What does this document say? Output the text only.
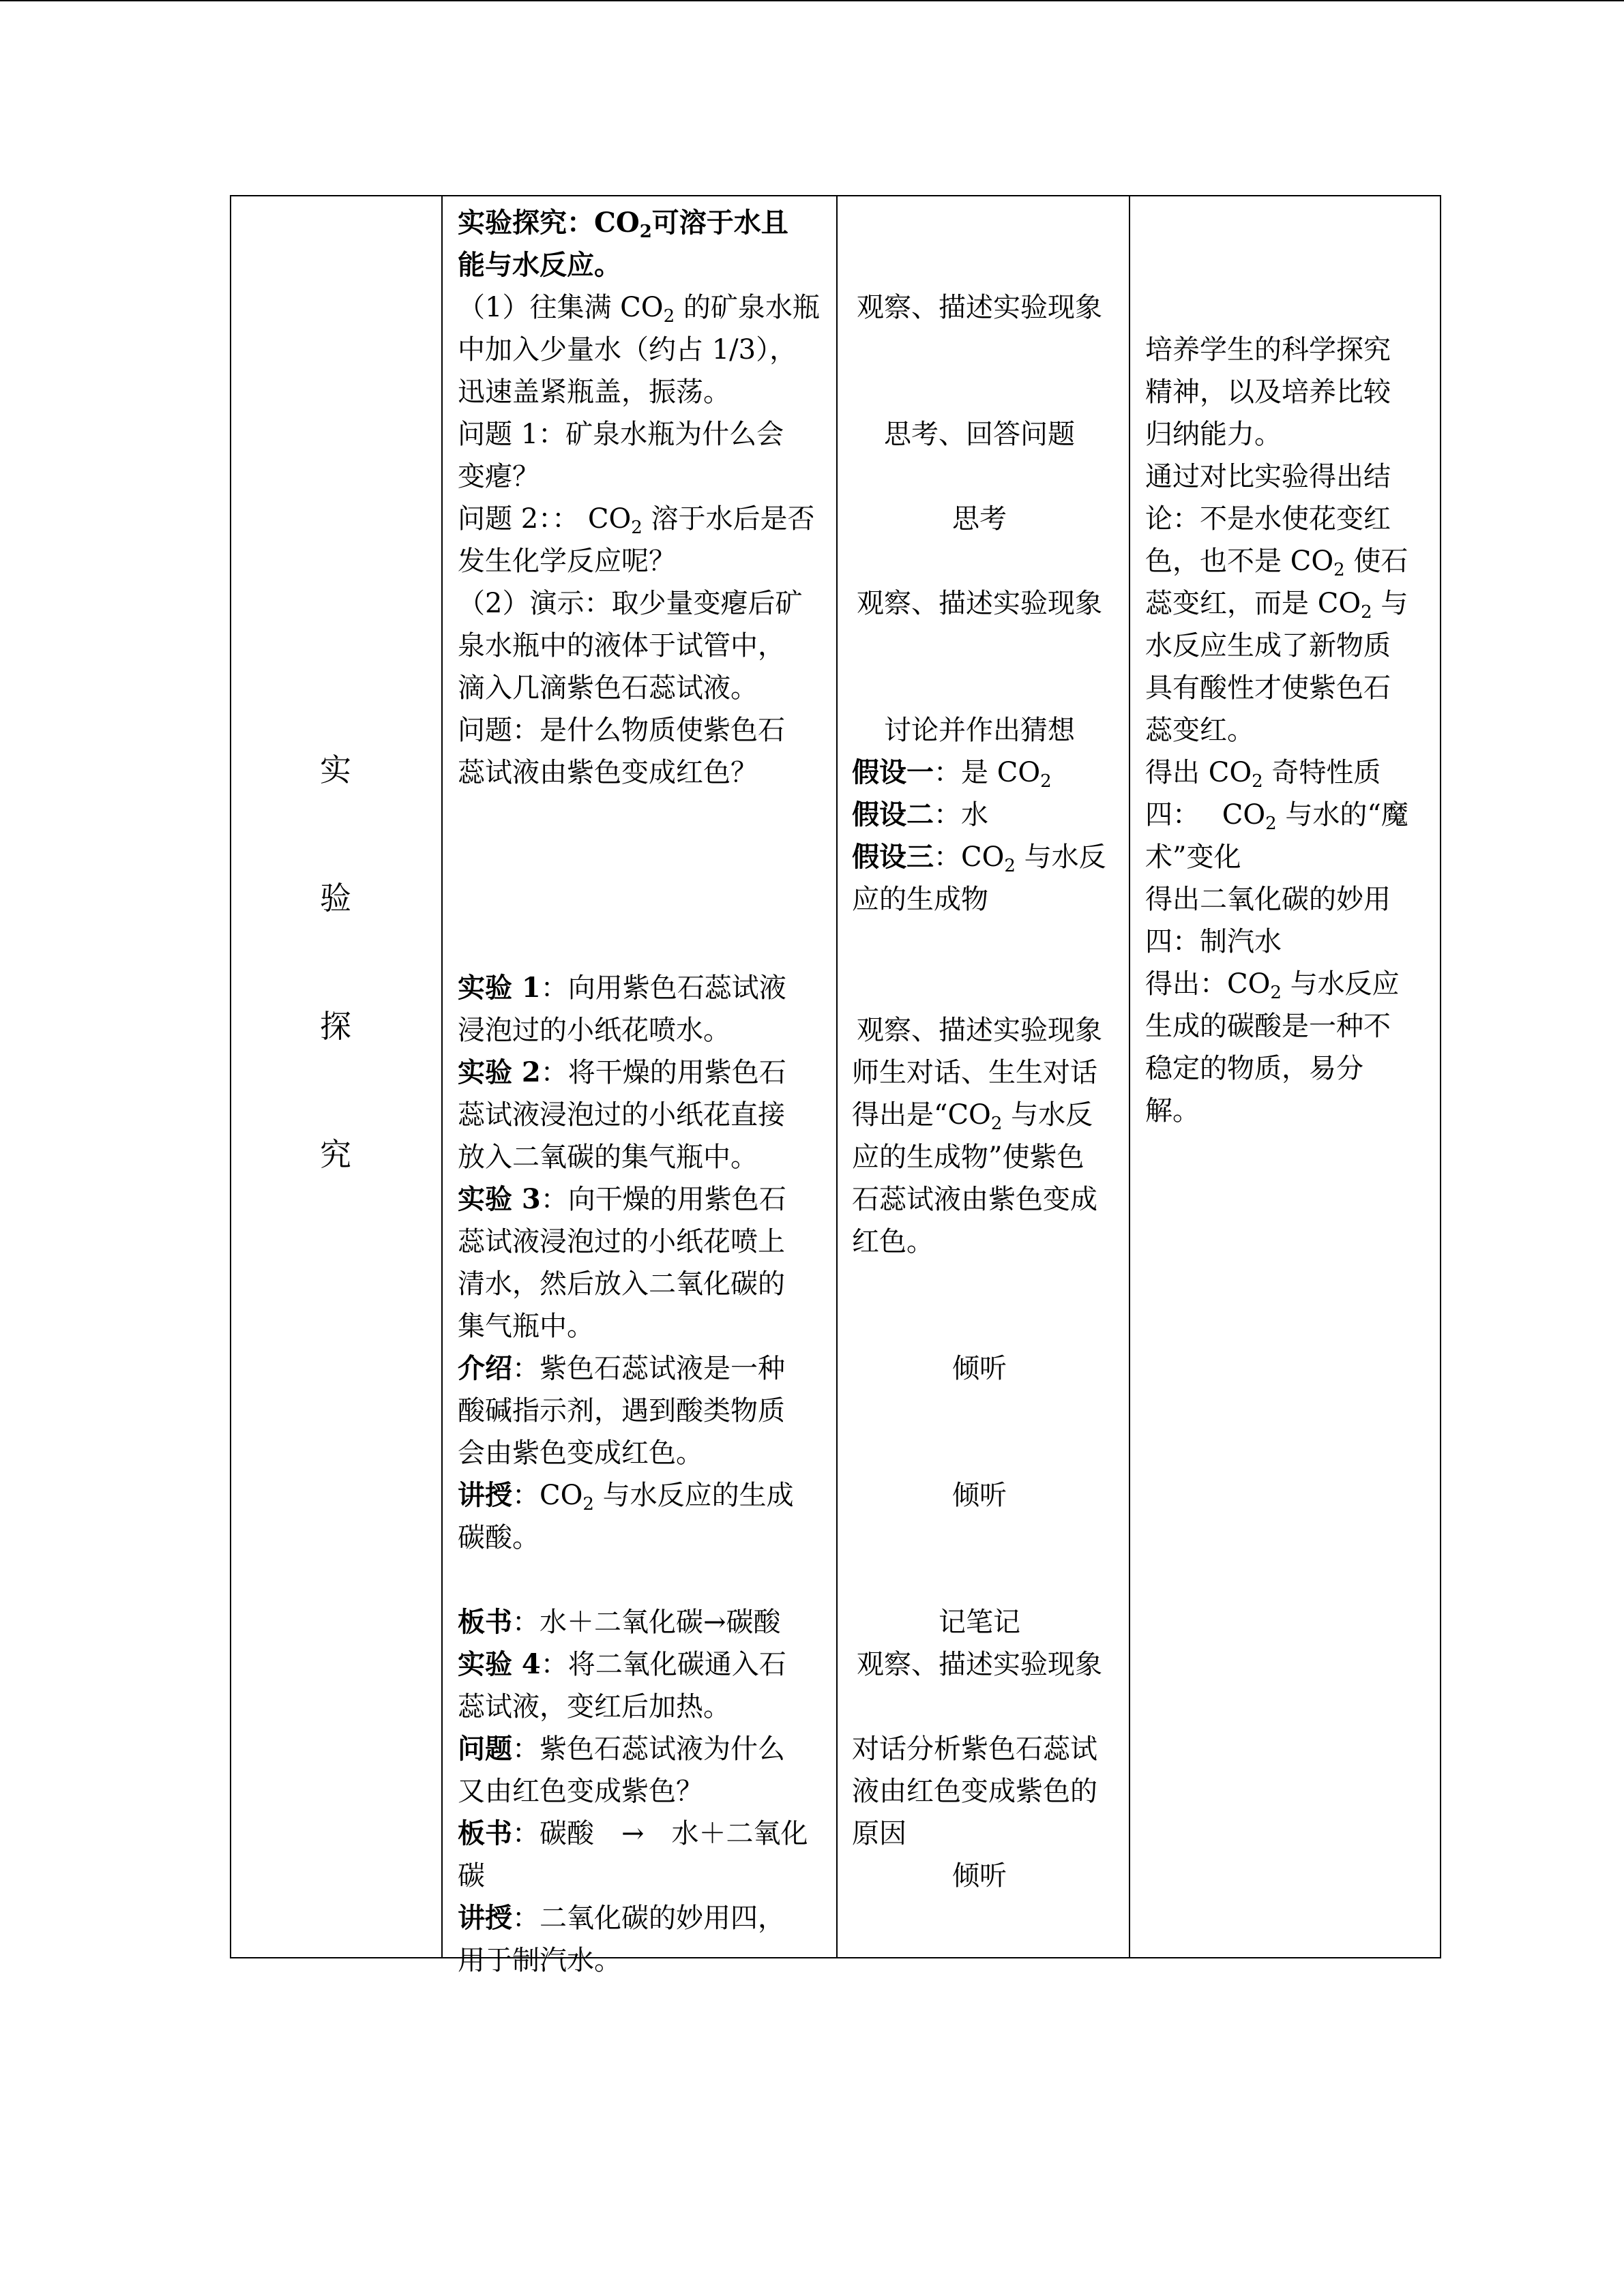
实
验
探
究
实验探究：$CO_2$可溶于水且
能与水反应。
（1）往集满 $CO_2$ 的矿泉水瓶
中加入少量水（约占 1/3），
迅速盖紧瓶盖，振荡。
问题 1：矿泉水瓶为什么会
变瘪？
问题 2：： $CO_2$ 溶于水后是否
发生化学反应呢？
（2）演示：取少量变瘪后矿
泉水瓶中的液体于试管中，
滴入几滴紫色石蕊试液。
问题：是什么物质使紫色石
蕊试液由紫色变成红色？
实验 1：向用紫色石蕊试液
浸泡过的小纸花喷水。
实验 2：将干燥的用紫色石
蕊试液浸泡过的小纸花直接
放入二氧碳的集气瓶中。
实验 3：向干燥的用紫色石
蕊试液浸泡过的小纸花喷上
清水，然后放入二氧化碳的
集气瓶中。
介绍：紫色石蕊试液是一种
酸碱指示剂，遇到酸类物质
会由紫色变成红色。
讲授：$CO_2$ 与水反应的生成
碳酸。
板书：水＋二氧化碳→碳酸
实验 4：将二氧化碳通入石
蕊试液，变红后加热。
问题：紫色石蕊试液为什么
又由红色变成紫色？
板书：碳酸　→　水＋二氧化
碳
讲授：二氧化碳的妙用四，
用于制汽水。
观察、描述实验现象
思考、回答问题
思考
观察、描述实验现象
讨论并作出猜想
假设一：是 $CO_2$
假设二：水
假设三：$CO_2$ 与水反
应的生成物
观察、描述实验现象
师生对话、生生对话
得出是“$CO_2$ 与水反
应的生成物”使紫色
石蕊试液由紫色变成
红色。
倾听
倾听
记笔记
观察、描述实验现象
对话分析紫色石蕊试
液由红色变成紫色的
原因
倾听
培养学生的科学探究
精神，以及培养比较
归纳能力。
通过对比实验得出结
论：不是水使花变红
色，也不是 $CO_2$ 使石
蕊变红，而是 $CO_2$ 与
水反应生成了新物质
具有酸性才使紫色石
蕊变红。
得出 $CO_2$ 奇特性质
四：　 $CO_2$ 与水的“魔
术”变化
得出二氧化碳的妙用
四：制汽水
得出：$CO_2$ 与水反应
生成的碳酸是一种不
稳定的物质，易分
解。
